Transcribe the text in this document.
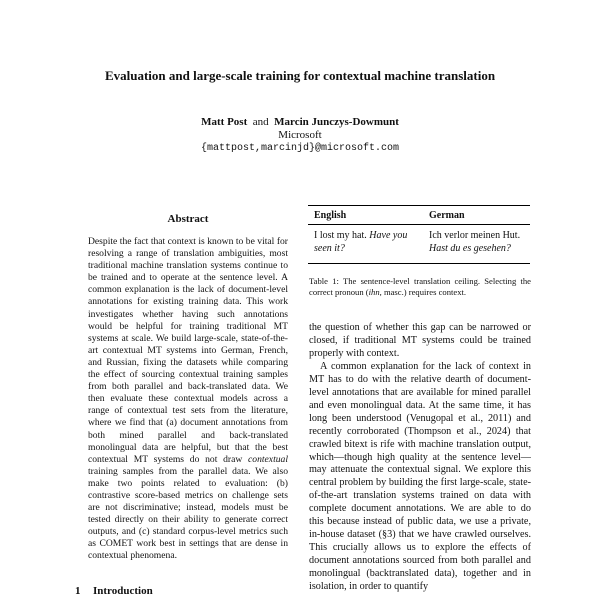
Evaluation and large-scale training for contextual machine translation
Matt Post and Marcin Junczys-Dowmunt
Microsoft
{mattpost,marcinjd}@microsoft.com
Abstract

Despite the fact that context is known to be vital for resolving a range of translation ambiguities, most traditional machine translation systems continue to be trained and to operate at the sentence level. A common explanation is the lack of document-level annotations for existing training data. This work investigates whether having such annotations would be helpful for training traditional MT systems at scale. We build large-scale, state-of-the-art contextual MT systems into German, French, and Russian, fixing the datasets while comparing the effect of sourcing contextual training samples from both parallel and back-translated data. We then evaluate these contextual models across a range of contextual test sets from the literature, where we find that (a) document annotations from both mined parallel and back-translated monolingual data are helpful, but that the best contextual MT systems do not draw contextual training samples from the parallel data. We also make two points related to evaluation: (b) contrastive score-based metrics on challenge sets are not discriminative; instead, models must be tested directly on their ability to generate correct outputs, and (c) standard corpus-level metrics such as COMET work best in settings that are dense in contextual phenomena.

1 Introduction
English	German
I lost my hat. Have you seen it?	Ich verlor meinen Hut.
Hast du es gesehen?

Table 1: The sentence-level translation ceiling. Selecting the correct pronoun (ihn, masc.) requires context.

the question of whether this gap can be narrowed or closed, if traditional MT systems could be trained properly with context.
A common explanation for the lack of context in MT has to do with the relative dearth of document-level annotations that are available for mined parallel and even monolingual data. At the same time, it has long been understood (Venugopal et al., 2011) and recently corroborated (Thompson et al., 2024) that crawled bitext is rife with machine translation output, which—though high quality at the sentence level—may attenuate the contextual signal. We explore this central problem by building the first large-scale, state-of-the-art translation systems trained on data with complete document annotations. We are able to do this because instead of public data, we use a private, in-house dataset (§3) that we have crawled ourselves. This crucially allows us to explore the effects of document annotations sourced from both parallel and monolingual (backtranslated data), together and in isolation, in order to quantify
